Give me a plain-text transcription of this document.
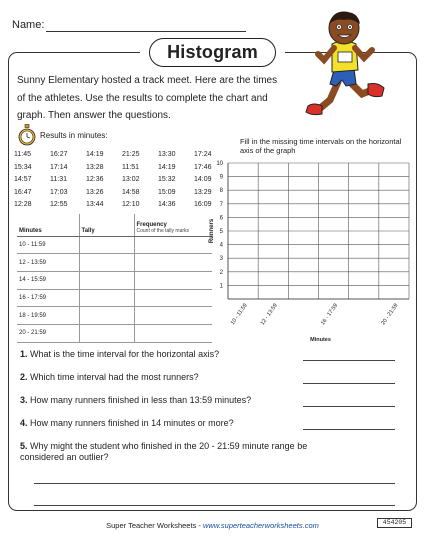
Name:
Histogram

Sunny Elementary hosted a track meet. Here are the times of the athletes. Use the results to complete the chart and graph. Then answer the questions.

Results in minutes:
11:45	16:27	14:19	21:25	13:30	17:24
15:34	17:14	13:28	11:51	14:19	17:46
14:57	11:31	12:36	13:02	15:32	14:09
16:47	17:03	13:26	14:58	15:09	13:29
12:28	12:55	13:44	12:10	14:36	16:09
Minutes	Tally	Frequency
Count of the tally marks

10 - 11:59		
12 - 13:59		
14 - 15:59		
16 - 17:59		
18 - 19:59		
20 - 21:59		
Fill in the missing time intervals on the horizontal axis of the graph
1
2
3
4
5
6
7
8
9
10
10 - 11:59 12 - 13:59	16 - 17:59	20 - 21:59
Runners
Minutes
1. What is the time interval for the horizontal axis?
2. Which time interval had the most runners?
3. How many runners finished in less than 13:59 minutes?
4. How many runners finished in 14 minutes or more?
5. Why might the student who finished in the 20 - 21:59 minute range be considered an outlier?
Super Teacher Worksheets - www.superteacherworksheets.com	454205
